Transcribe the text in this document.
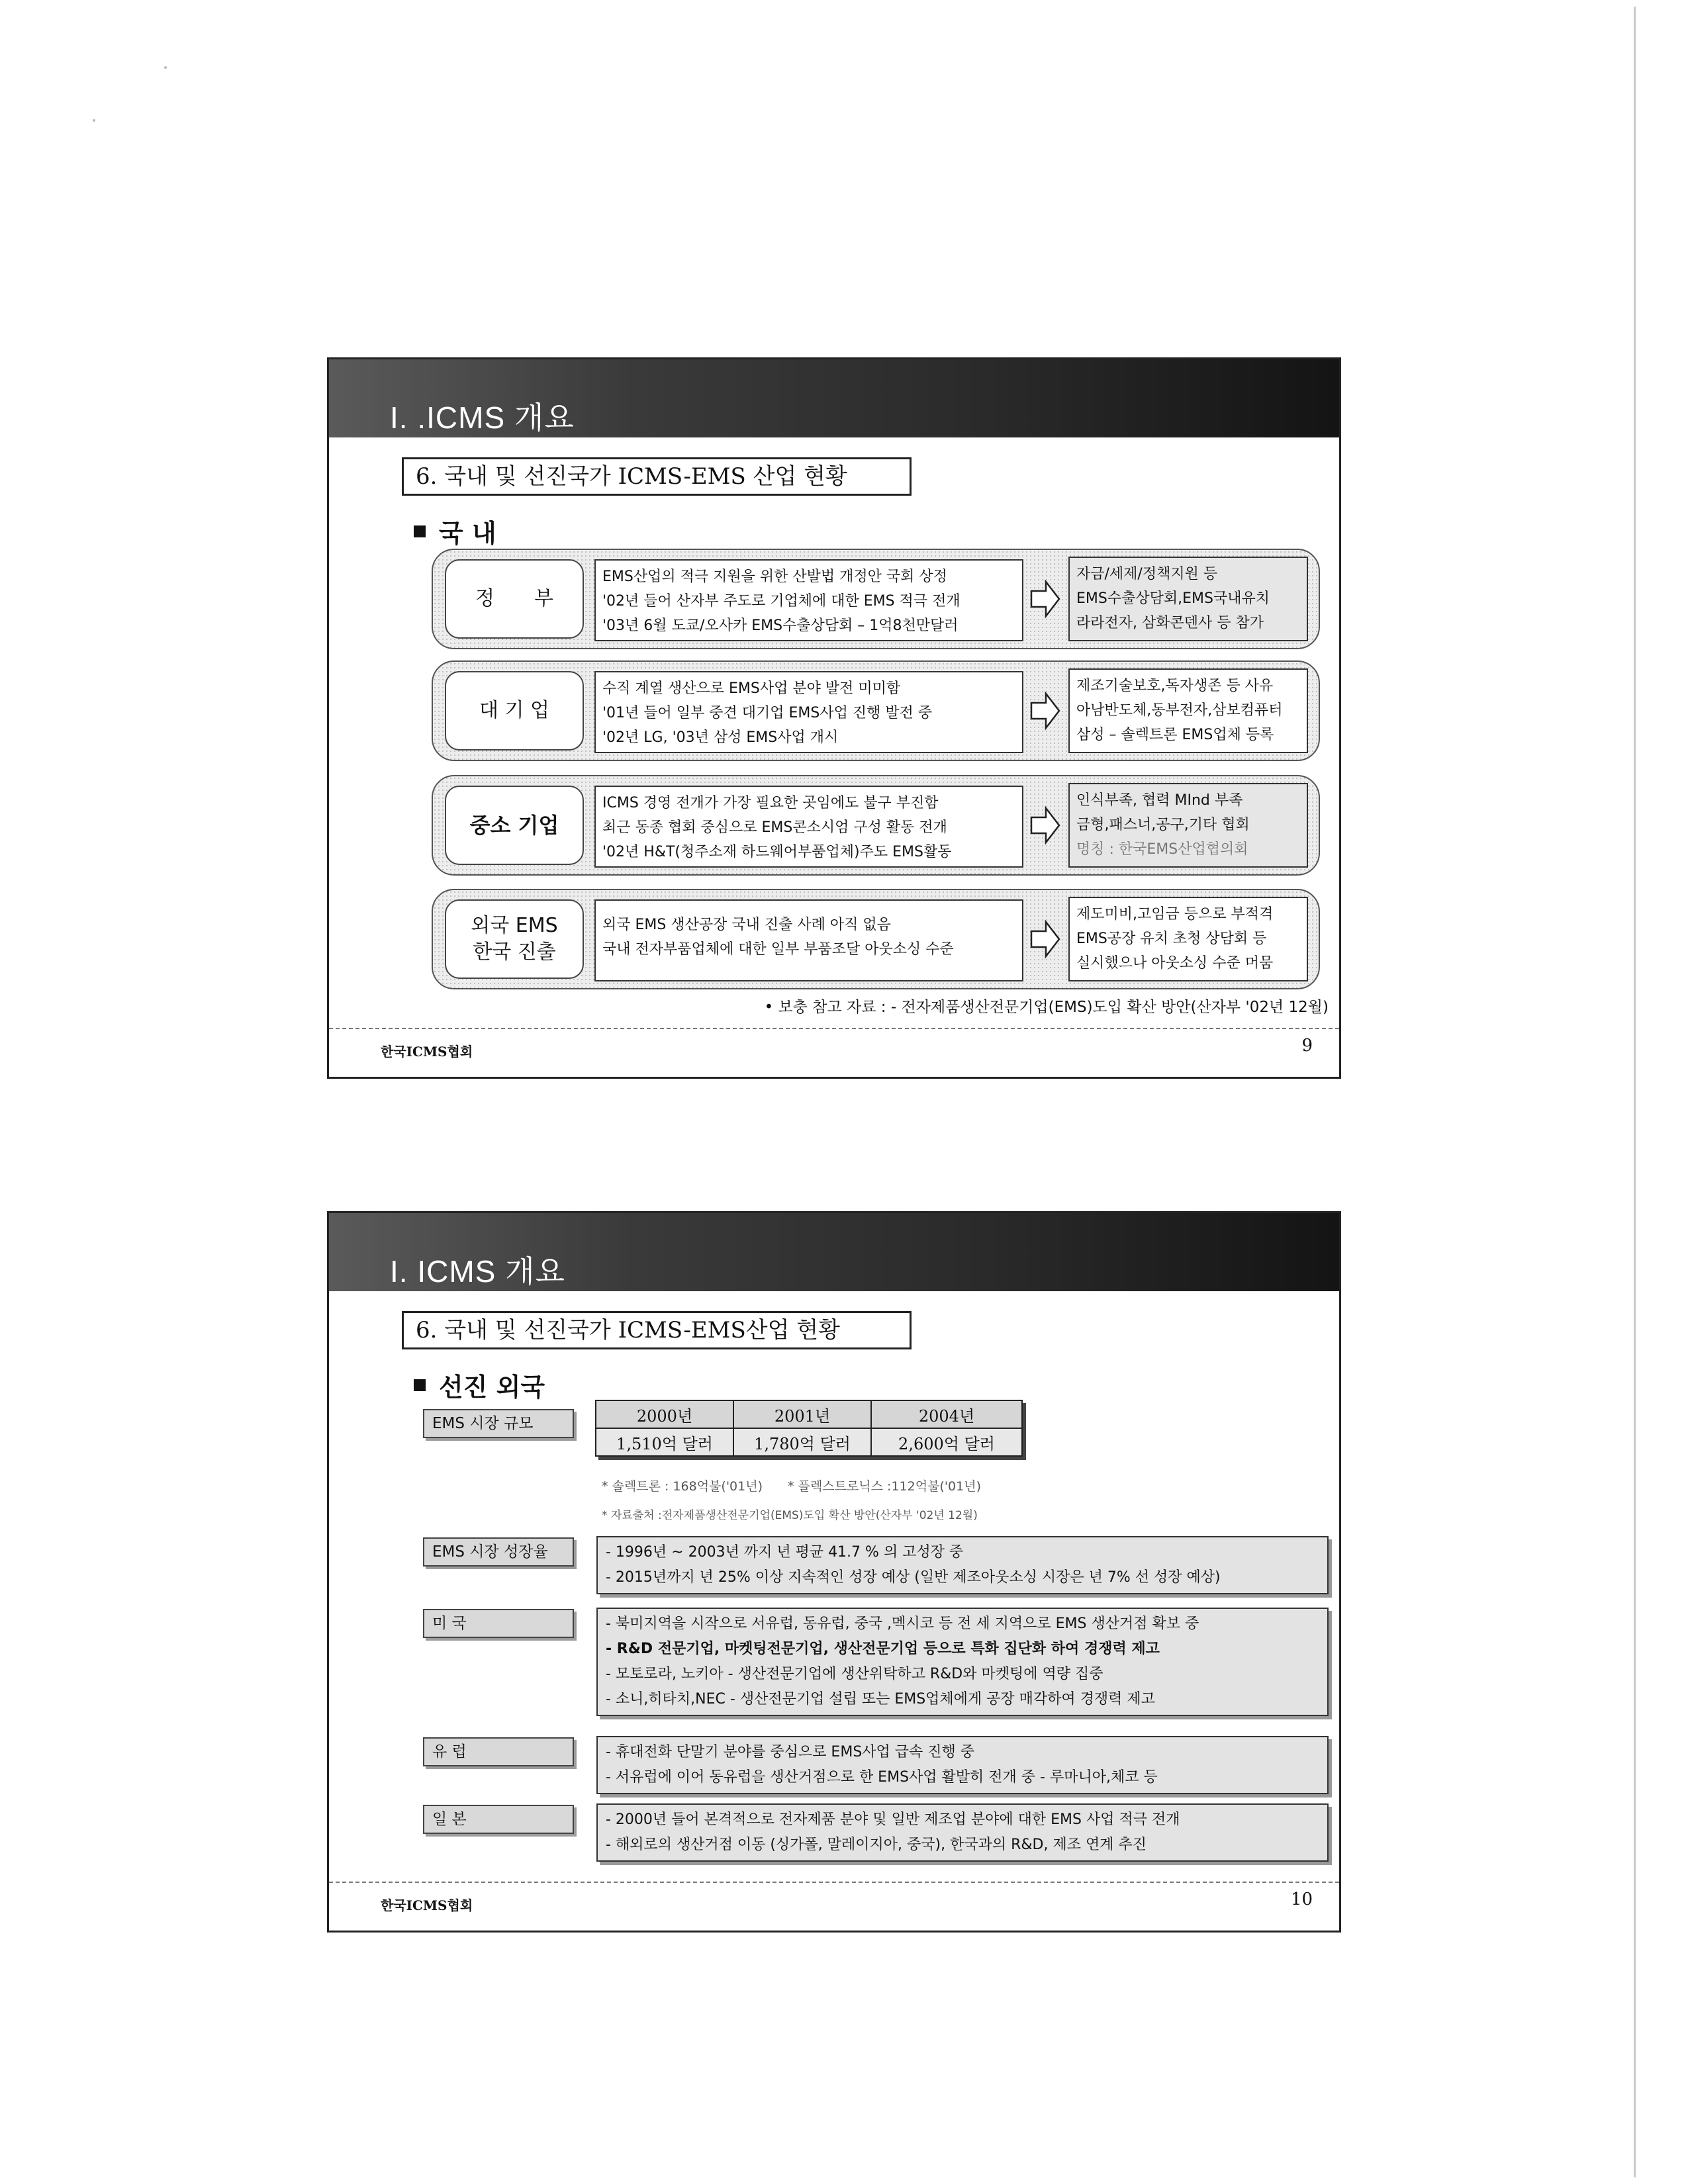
I. .ICMS 개요
6. 국내 및 선진국가 ICMS-EMS 산업 현황
국 내
정　　부
EMS산업의 적극 지원을 위한 산발법 개정안 국회 상정
'02년 들어 산자부 주도로 기업체에 대한 EMS 적극 전개
'03년 6월 도쿄/오사카 EMS수출상담회 – 1억8천만달러
자금/세제/정책지원 등
EMS수출상담회,EMS국내유치
라라전자, 삼화콘덴사 등 참가
대 기 업
수직 계열 생산으로 EMS사업 분야 발전 미미함
'01년 들어 일부 중견 대기업 EMS사업 진행 발전 중
'02년 LG, '03년 삼성 EMS사업 개시
제조기술보호,독자생존 등 사유
아남반도체,동부전자,삼보컴퓨터
삼성 – 솔렉트론 EMS업체 등록
중소 기업
ICMS 경영 전개가 가장 필요한 곳임에도 불구 부진함
최근 동종 협회 중심으로 EMS콘소시엄 구성 활동 전개
'02년 H&T(청주소재 하드웨어부품업체)주도 EMS활동
인식부족, 협력 MInd 부족
금형,패스너,공구,기타 협회
명칭 : 한국EMS산업협의회
외국 EMS
한국 진출
외국 EMS 생산공장 국내 진출 사례 아직 없음
국내 전자부품업체에 대한 일부 부품조달 아웃소싱 수준
제도미비,고임금 등으로 부적격
EMS공장 유치 초청 상담회 등
실시했으나 아웃소싱 수준 머뭄
• 보충 참고 자료 : - 전자제품생산전문기업(EMS)도입 확산 방안(산자부 '02년 12월)
한국ICMS협회	9
I. ICMS 개요
6. 국내 및 선진국가 ICMS-EMS산업 현황
선진 외국
EMS 시장 규모	2000년	2001년	2004년
1,510억 달러	1,780억 달러	2,600억 달러
* 솔렉트론 : 168억불('01년)　　* 플렉스트로닉스 :112억불('01년)
* 자료출처 :전자제품생산전문기업(EMS)도입 확산 방안(산자부 '02년 12월)
EMS 시장 성장율	- 1996년 ~ 2003년 까지 년 평균 41.7 % 의 고성장 중
- 2015년까지 년 25% 이상 지속적인 성장 예상 (일반 제조아웃소싱 시장은 년 7% 선 성장 예상)
미 국	- 북미지역을 시작으로 서유럽, 동유럽, 중국 ,멕시코 등 전 세 지역으로 EMS 생산거점 확보 중
- R&D 전문기업, 마켓팅전문기업, 생산전문기업 등으로 특화 집단화 하여 경쟁력 제고
- 모토로라, 노키아 - 생산전문기업에 생산위탁하고 R&D와 마켓팅에 역량 집중
- 소니,히타치,NEC - 생산전문기업 설립 또는 EMS업체에게 공장 매각하여 경쟁력 제고
유 럽	- 휴대전화 단말기 분야를 중심으로 EMS사업 급속 진행 중
- 서유럽에 이어 동유럽을 생산거점으로 한 EMS사업 활발히 전개 중 - 루마니아,체코 등
일 본	- 2000년 들어 본격적으로 전자제품 분야 및 일반 제조업 분야에 대한 EMS 사업 적극 전개
- 해외로의 생산거점 이동 (싱가폴, 말레이지아, 중국), 한국과의 R&D, 제조 연계 추진
한국ICMS협회	10
